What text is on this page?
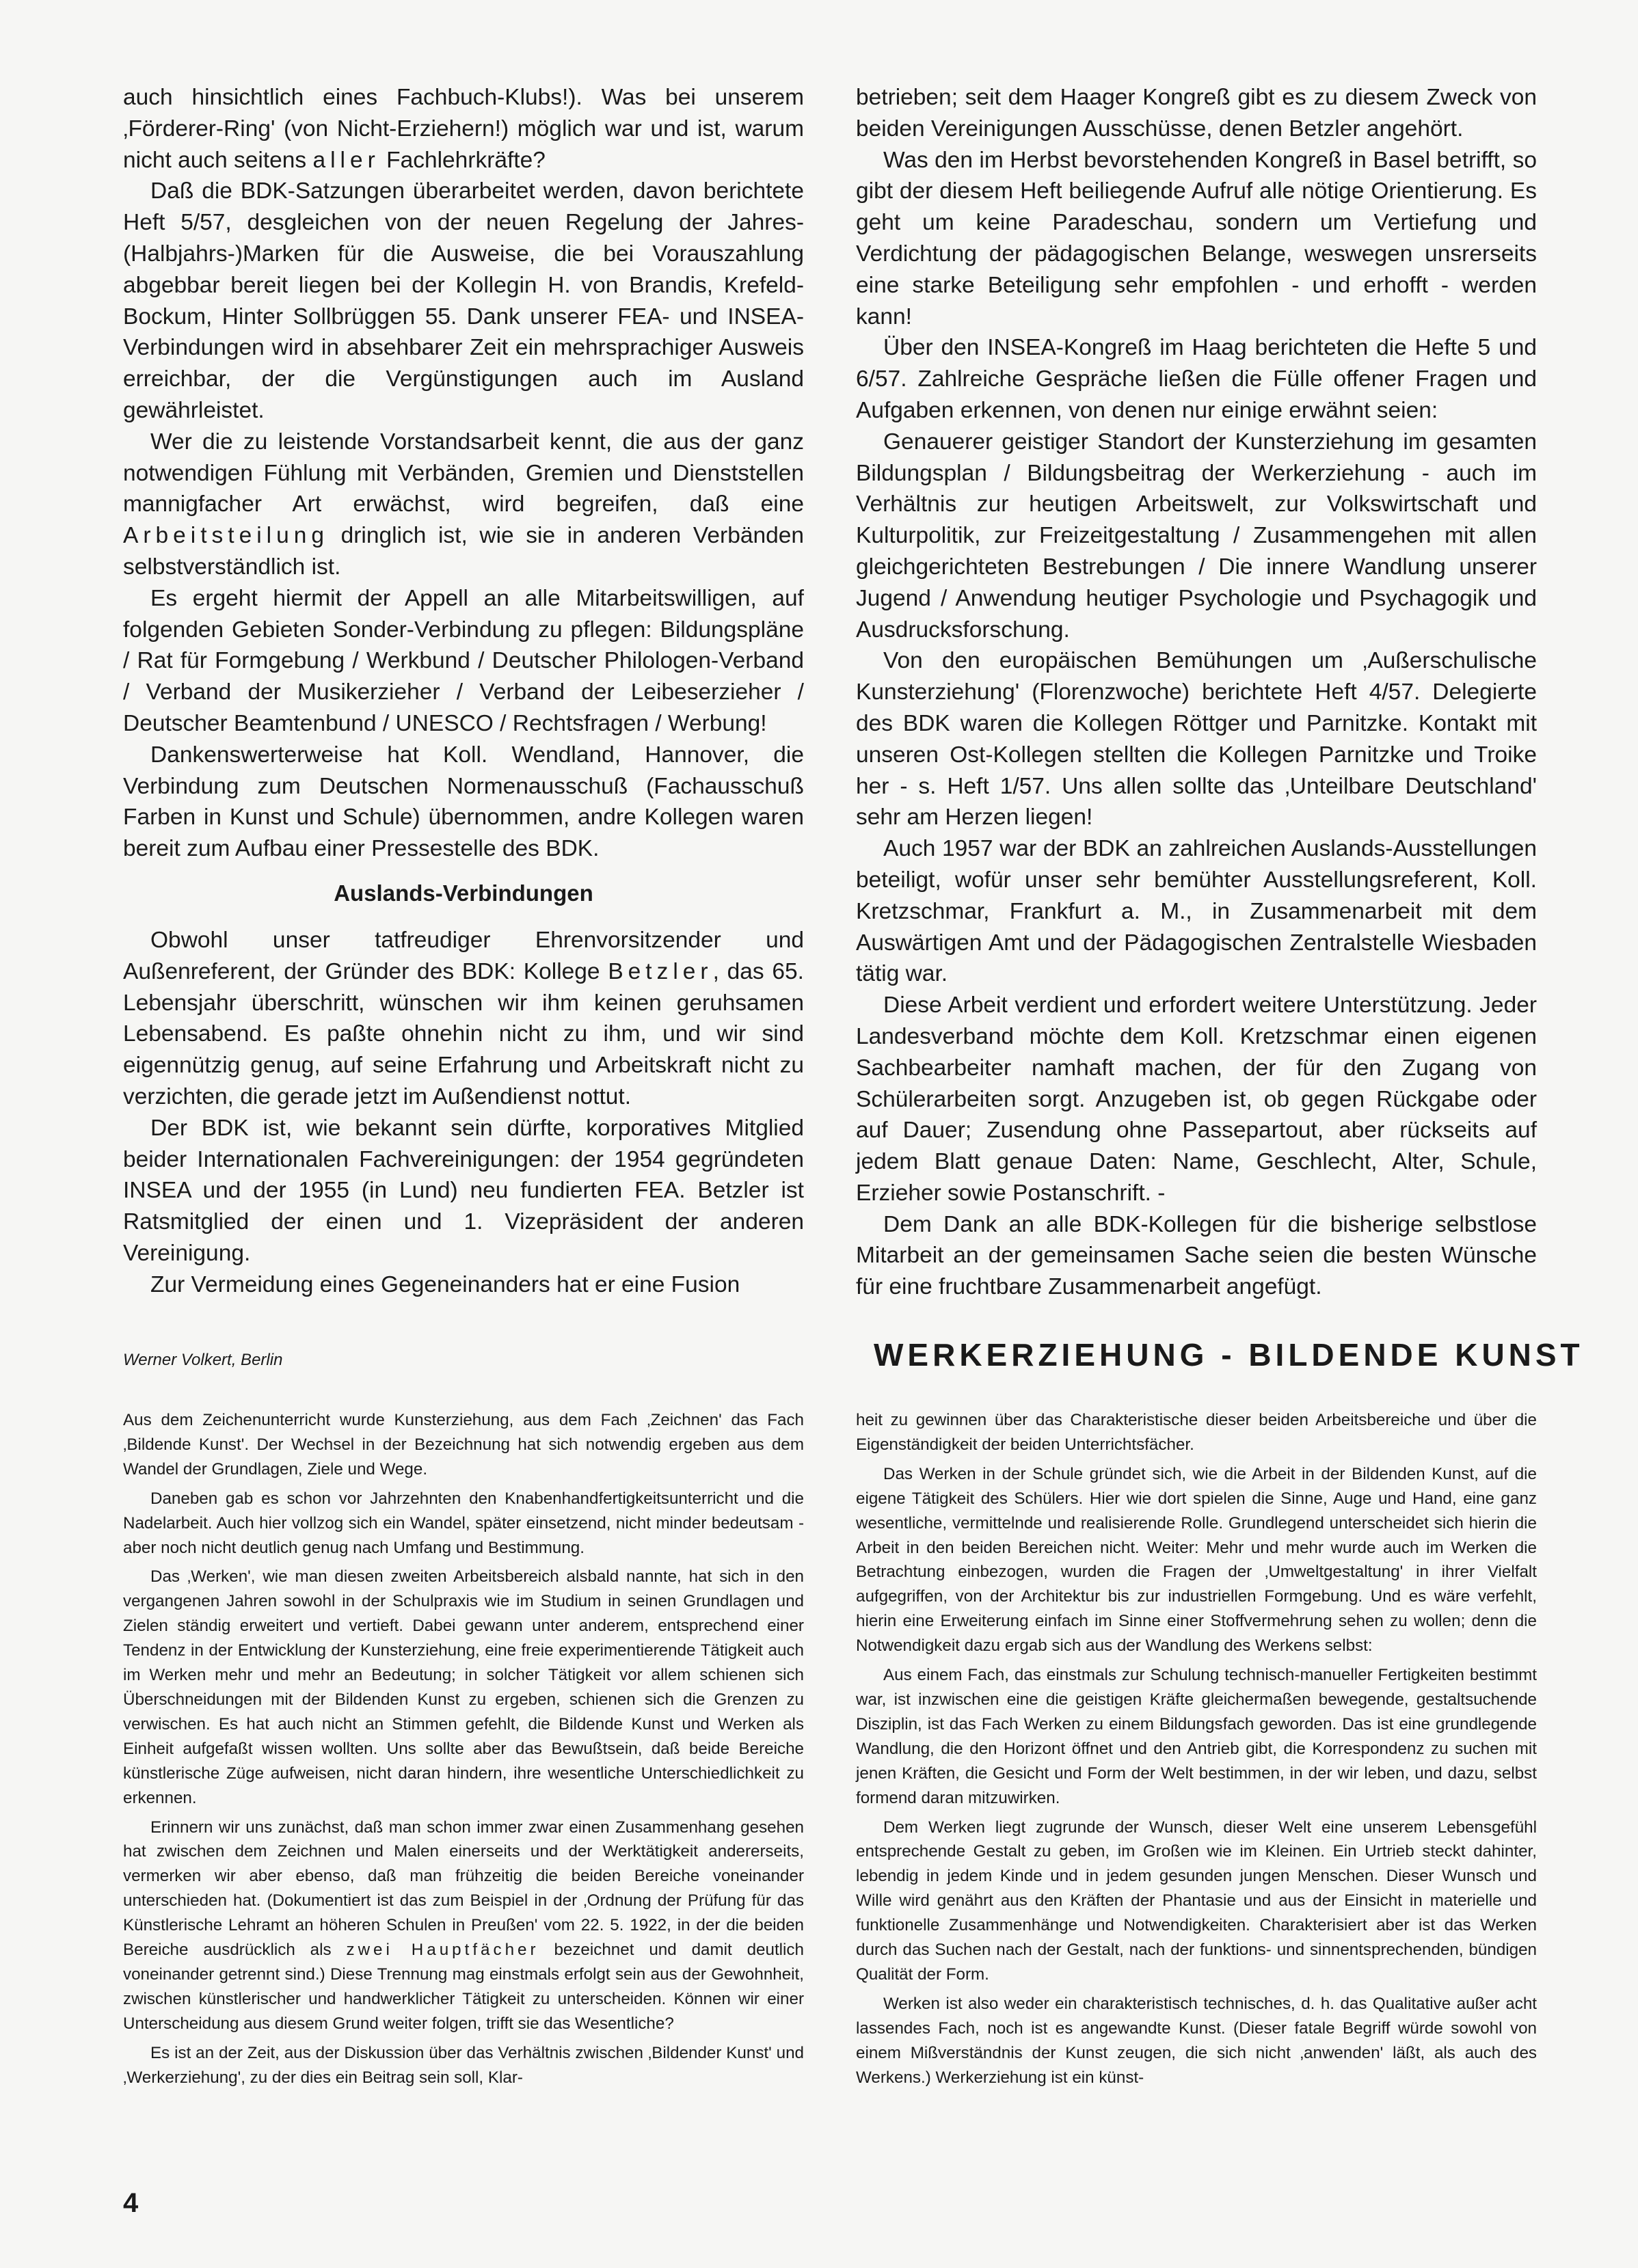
auch hinsichtlich eines Fachbuch-Klubs!). Was bei unserem ‚Förderer-Ring' (von Nicht-Erziehern!) möglich war und ist, warum nicht auch seitens aller Fachlehrkräfte?

Daß die BDK-Satzungen überarbeitet werden, davon berichtete Heft 5/57, desgleichen von der neuen Regelung der Jahres-(Halbjahrs-)Marken für die Ausweise, die bei Vorauszahlung abgebbar bereit liegen bei der Kollegin H. von Brandis, Krefeld-Bockum, Hinter Sollbrüggen 55. Dank unserer FEA- und INSEA-Verbindungen wird in absehbarer Zeit ein mehrsprachiger Ausweis erreichbar, der die Vergünstigungen auch im Ausland gewährleistet.

Wer die zu leistende Vorstandsarbeit kennt, die aus der ganz notwendigen Fühlung mit Verbänden, Gremien und Dienststellen mannigfacher Art erwächst, wird begreifen, daß eine Arbeitsteilung dringlich ist, wie sie in anderen Verbänden selbstverständlich ist.

Es ergeht hiermit der Appell an alle Mitarbeitswilligen, auf folgenden Gebieten Sonder-Verbindung zu pflegen: Bildungspläne / Rat für Formgebung / Werkbund / Deutscher Philologen-Verband / Verband der Musikerzieher / Verband der Leibeserzieher / Deutscher Beamtenbund / UNESCO / Rechtsfragen / Werbung!

Dankenswerterweise hat Koll. Wendland, Hannover, die Verbindung zum Deutschen Normenausschuß (Fachausschuß Farben in Kunst und Schule) übernommen, andre Kollegen waren bereit zum Aufbau einer Pressestelle des BDK.

Auslands-Verbindungen

Obwohl unser tatfreudiger Ehrenvorsitzender und Außenreferent, der Gründer des BDK: Kollege Betzler, das 65. Lebensjahr überschritt, wünschen wir ihm keinen geruhsamen Lebensabend. Es paßte ohnehin nicht zu ihm, und wir sind eigennützig genug, auf seine Erfahrung und Arbeitskraft nicht zu verzichten, die gerade jetzt im Außendienst nottut.

Der BDK ist, wie bekannt sein dürfte, korporatives Mitglied beider Internationalen Fachvereinigungen: der 1954 gegründeten INSEA und der 1955 (in Lund) neu fundierten FEA. Betzler ist Ratsmitglied der einen und 1. Vizepräsident der anderen Vereinigung.

Zur Vermeidung eines Gegeneinanders hat er eine Fusion

betrieben; seit dem Haager Kongreß gibt es zu diesem Zweck von beiden Vereinigungen Ausschüsse, denen Betzler angehört.

Was den im Herbst bevorstehenden Kongreß in Basel betrifft, so gibt der diesem Heft beiliegende Aufruf alle nötige Orientierung. Es geht um keine Paradeschau, sondern um Vertiefung und Verdichtung der pädagogischen Belange, weswegen unsrerseits eine starke Beteiligung sehr empfohlen - und erhofft - werden kann!

Über den INSEA-Kongreß im Haag berichteten die Hefte 5 und 6/57. Zahlreiche Gespräche ließen die Fülle offener Fragen und Aufgaben erkennen, von denen nur einige erwähnt seien:

Genauerer geistiger Standort der Kunsterziehung im gesamten Bildungsplan / Bildungsbeitrag der Werkerziehung - auch im Verhältnis zur heutigen Arbeitswelt, zur Volkswirtschaft und Kulturpolitik, zur Freizeitgestaltung / Zusammengehen mit allen gleichgerichteten Bestrebungen / Die innere Wandlung unserer Jugend / Anwendung heutiger Psychologie und Psychagogik und Ausdrucksforschung.

Von den europäischen Bemühungen um ‚Außerschulische Kunsterziehung' (Florenzwoche) berichtete Heft 4/57. Delegierte des BDK waren die Kollegen Röttger und Parnitzke. Kontakt mit unseren Ost-Kollegen stellten die Kollegen Parnitzke und Troike her - s. Heft 1/57. Uns allen sollte das ‚Unteilbare Deutschland' sehr am Herzen liegen!

Auch 1957 war der BDK an zahlreichen Auslands-Ausstellungen beteiligt, wofür unser sehr bemühter Ausstellungsreferent, Koll. Kretzschmar, Frankfurt a. M., in Zusammenarbeit mit dem Auswärtigen Amt und der Pädagogischen Zentralstelle Wiesbaden tätig war.

Diese Arbeit verdient und erfordert weitere Unterstützung. Jeder Landesverband möchte dem Koll. Kretzschmar einen eigenen Sachbearbeiter namhaft machen, der für den Zugang von Schülerarbeiten sorgt. Anzugeben ist, ob gegen Rückgabe oder auf Dauer; Zusendung ohne Passepartout, aber rückseits auf jedem Blatt genaue Daten: Name, Geschlecht, Alter, Schule, Erzieher sowie Postanschrift. -

Dem Dank an alle BDK-Kollegen für die bisherige selbstlose Mitarbeit an der gemeinsamen Sache seien die besten Wünsche für eine fruchtbare Zusammenarbeit angefügt.

Werner Volkert, Berlin	WERKERZIEHUNG - BILDENDE KUNST

Aus dem Zeichenunterricht wurde Kunsterziehung, aus dem Fach ‚Zeichnen' das Fach ‚Bildende Kunst'. Der Wechsel in der Bezeichnung hat sich notwendig ergeben aus dem Wandel der Grundlagen, Ziele und Wege.

Daneben gab es schon vor Jahrzehnten den Knabenhandfertigkeitsunterricht und die Nadelarbeit. Auch hier vollzog sich ein Wandel, später einsetzend, nicht minder bedeutsam - aber noch nicht deutlich genug nach Umfang und Bestimmung.

Das ‚Werken', wie man diesen zweiten Arbeitsbereich alsbald nannte, hat sich in den vergangenen Jahren sowohl in der Schulpraxis wie im Studium in seinen Grundlagen und Zielen ständig erweitert und vertieft. Dabei gewann unter anderem, entsprechend einer Tendenz in der Entwicklung der Kunsterziehung, eine freie experimentierende Tätigkeit auch im Werken mehr und mehr an Bedeutung; in solcher Tätigkeit vor allem schienen sich Überschneidungen mit der Bildenden Kunst zu ergeben, schienen sich die Grenzen zu verwischen. Es hat auch nicht an Stimmen gefehlt, die Bildende Kunst und Werken als Einheit aufgefaßt wissen wollten. Uns sollte aber das Bewußtsein, daß beide Bereiche künstlerische Züge aufweisen, nicht daran hindern, ihre wesentliche Unterschiedlichkeit zu erkennen.

Erinnern wir uns zunächst, daß man schon immer zwar einen Zusammenhang gesehen hat zwischen dem Zeichnen und Malen einerseits und der Werktätigkeit andererseits, vermerken wir aber ebenso, daß man frühzeitig die beiden Bereiche voneinander unterschieden hat. (Dokumentiert ist das zum Beispiel in der ‚Ordnung der Prüfung für das Künstlerische Lehramt an höheren Schulen in Preußen' vom 22. 5. 1922, in der die beiden Bereiche ausdrücklich als zwei Hauptfächer bezeichnet und damit deutlich voneinander getrennt sind.) Diese Trennung mag einstmals erfolgt sein aus der Gewohnheit, zwischen künstlerischer und handwerklicher Tätigkeit zu unterscheiden. Können wir einer Unterscheidung aus diesem Grund weiter folgen, trifft sie das Wesentliche?

Es ist an der Zeit, aus der Diskussion über das Verhältnis zwischen ‚Bildender Kunst' und ‚Werkerziehung', zu der dies ein Beitrag sein soll, Klar-

heit zu gewinnen über das Charakteristische dieser beiden Arbeitsbereiche und über die Eigenständigkeit der beiden Unterrichtsfächer.

Das Werken in der Schule gründet sich, wie die Arbeit in der Bildenden Kunst, auf die eigene Tätigkeit des Schülers. Hier wie dort spielen die Sinne, Auge und Hand, eine ganz wesentliche, vermittelnde und realisierende Rolle. Grundlegend unterscheidet sich hierin die Arbeit in den beiden Bereichen nicht. Weiter: Mehr und mehr wurde auch im Werken die Betrachtung einbezogen, wurden die Fragen der ‚Umweltgestaltung' in ihrer Vielfalt aufgegriffen, von der Architektur bis zur industriellen Formgebung. Und es wäre verfehlt, hierin eine Erweiterung einfach im Sinne einer Stoffvermehrung sehen zu wollen; denn die Notwendigkeit dazu ergab sich aus der Wandlung des Werkens selbst:

Aus einem Fach, das einstmals zur Schulung technisch-manueller Fertigkeiten bestimmt war, ist inzwischen eine die geistigen Kräfte gleichermaßen bewegende, gestaltsuchende Disziplin, ist das Fach Werken zu einem Bildungsfach geworden. Das ist eine grundlegende Wandlung, die den Horizont öffnet und den Antrieb gibt, die Korrespondenz zu suchen mit jenen Kräften, die Gesicht und Form der Welt bestimmen, in der wir leben, und dazu, selbst formend daran mitzuwirken.

Dem Werken liegt zugrunde der Wunsch, dieser Welt eine unserem Lebensgefühl entsprechende Gestalt zu geben, im Großen wie im Kleinen. Ein Urtrieb steckt dahinter, lebendig in jedem Kinde und in jedem gesunden jungen Menschen. Dieser Wunsch und Wille wird genährt aus den Kräften der Phantasie und aus der Einsicht in materielle und funktionelle Zusammenhänge und Notwendigkeiten. Charakterisiert aber ist das Werken durch das Suchen nach der Gestalt, nach der funktions- und sinnentsprechenden, bündigen Qualität der Form.

Werken ist also weder ein charakteristisch technisches, d. h. das Qualitative außer acht lassendes Fach, noch ist es angewandte Kunst. (Dieser fatale Begriff würde sowohl von einem Mißverständnis der Kunst zeugen, die sich nicht ‚anwenden' läßt, als auch des Werkens.) Werkerziehung ist ein künst-

4
